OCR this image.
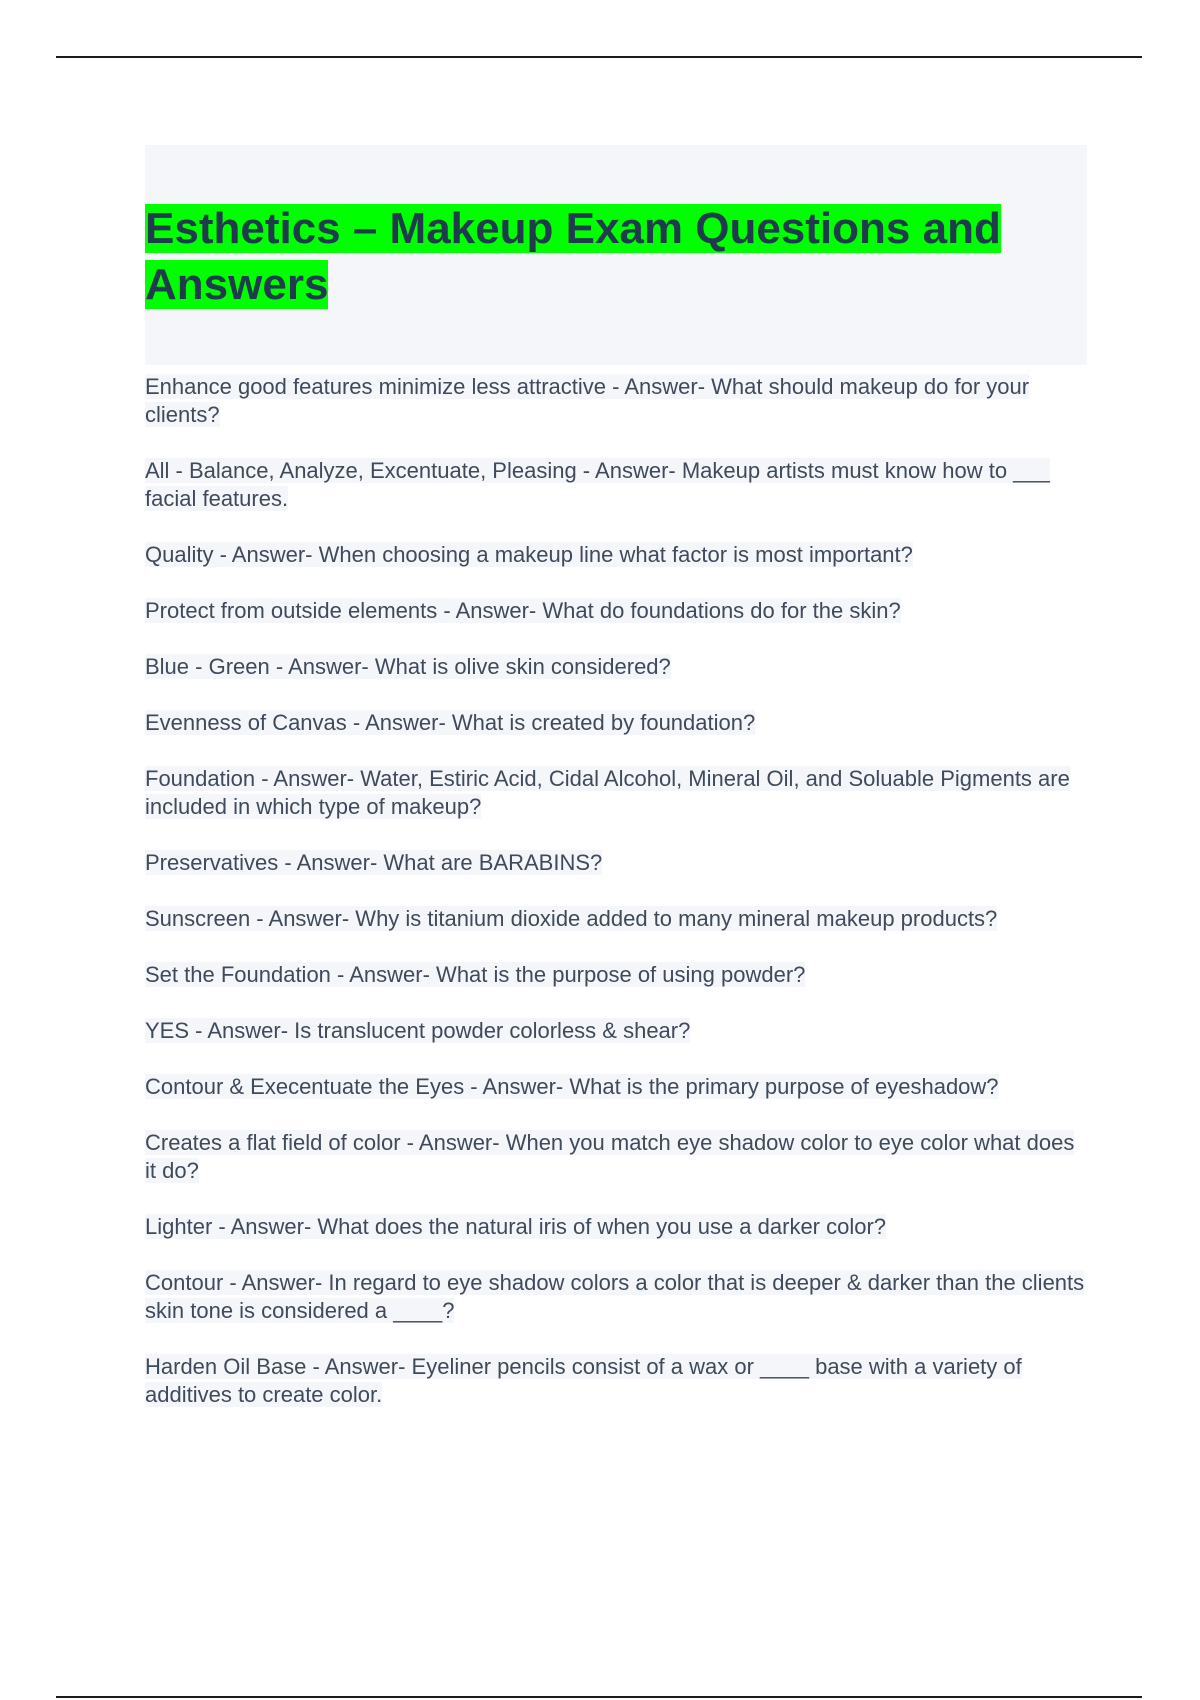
Esthetics – Makeup Exam Questions and Answers
Enhance good features minimize less attractive - Answer- What should makeup do for your clients?
All - Balance, Analyze, Excentuate, Pleasing - Answer- Makeup artists must know how to ___ facial features.
Quality - Answer- When choosing a makeup line what factor is most important?
Protect from outside elements - Answer- What do foundations do for the skin?
Blue - Green - Answer- What is olive skin considered?
Evenness of Canvas - Answer- What is created by foundation?
Foundation - Answer- Water, Estiric Acid, Cidal Alcohol, Mineral Oil, and Soluable Pigments are included in which type of makeup?
Preservatives - Answer- What are BARABINS?
Sunscreen - Answer- Why is titanium dioxide added to many mineral makeup products?
Set the Foundation - Answer- What is the purpose of using powder?
YES - Answer- Is translucent powder colorless & shear?
Contour & Execentuate the Eyes - Answer- What is the primary purpose of eyeshadow?
Creates a flat field of color - Answer- When you match eye shadow color to eye color what does it do?
Lighter - Answer- What does the natural iris of when you use a darker color?
Contour - Answer- In regard to eye shadow colors a color that is deeper & darker than the clients skin tone is considered a ____?
Harden Oil Base - Answer- Eyeliner pencils consist of a wax or ____ base with a variety of additives to create color.
